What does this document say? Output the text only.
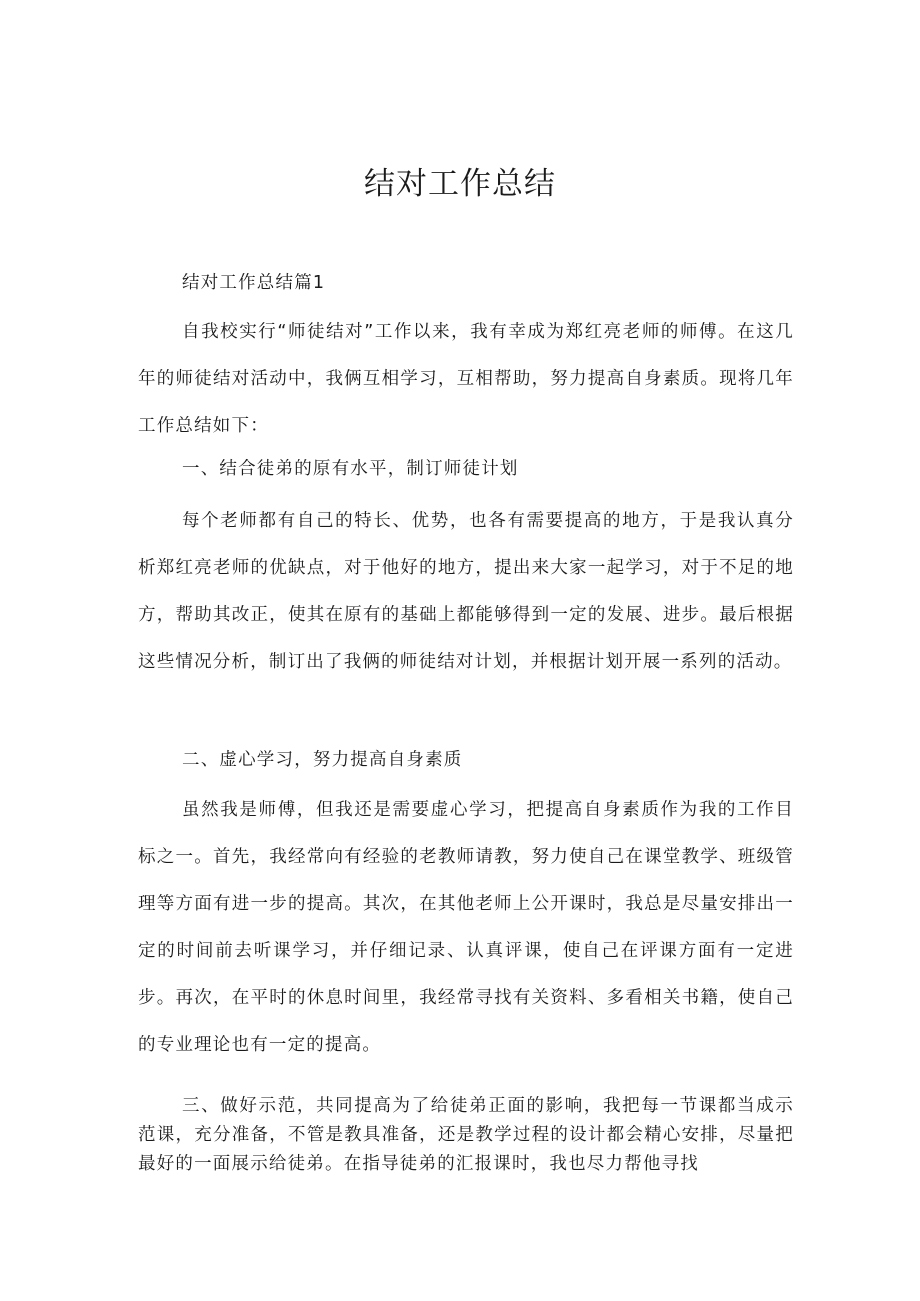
结对工作总结

结对工作总结篇1

自我校实行“师徒结对”工作以来，我有幸成为郑红亮老师的师傅。在这几年的师徒结对活动中，我俩互相学习，互相帮助，努力提高自身素质。现将几年工作总结如下：

一、结合徒弟的原有水平，制订师徒计划

每个老师都有自己的特长、优势，也各有需要提高的地方，于是我认真分析郑红亮老师的优缺点，对于他好的地方，提出来大家一起学习，对于不足的地方，帮助其改正，使其在原有的基础上都能够得到一定的发展、进步。最后根据这些情况分析，制订出了我俩的师徒结对计划，并根据计划开展一系列的活动。

二、虚心学习，努力提高自身素质

虽然我是师傅，但我还是需要虚心学习，把提高自身素质作为我的工作目标之一。首先，我经常向有经验的老教师请教，努力使自己在课堂教学、班级管理等方面有进一步的提高。其次，在其他老师上公开课时，我总是尽量安排出一定的时间前去听课学习，并仔细记录、认真评课，使自己在评课方面有一定进步。再次，在平时的休息时间里，我经常寻找有关资料、多看相关书籍，使自己的专业理论也有一定的提高。

三、做好示范，共同提高为了给徒弟正面的影响，我把每一节课都当成示范课，充分准备，不管是教具准备，还是教学过程的设计都会精心安排，尽量把最好的一面展示给徒弟。在指导徒弟的汇报课时，我也尽力帮他寻找
